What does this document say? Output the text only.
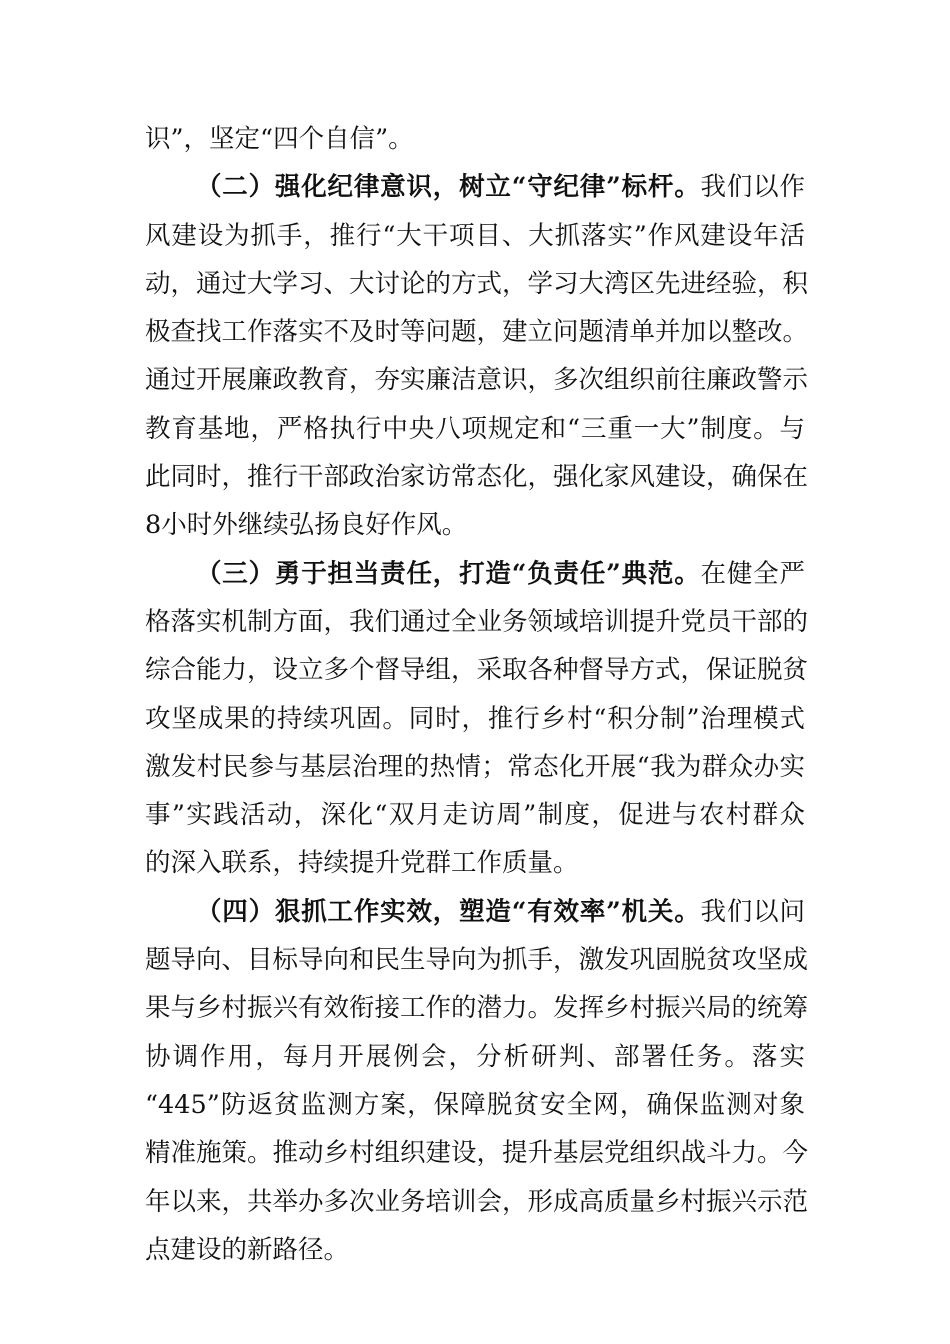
识”，坚定“四个自信”。
（二）强化纪律意识，树立“守纪律”标杆。我们以作
风建设为抓手，推行“大干项目、大抓落实”作风建设年活
动，通过大学习、大讨论的方式，学习大湾区先进经验，积
极查找工作落实不及时等问题，建立问题清单并加以整改。
通过开展廉政教育，夯实廉洁意识，多次组织前往廉政警示
教育基地，严格执行中央八项规定和“三重一大”制度。与
此同时，推行干部政治家访常态化，强化家风建设，确保在
8小时外继续弘扬良好作风。
（三）勇于担当责任，打造“负责任”典范。在健全严
格落实机制方面，我们通过全业务领域培训提升党员干部的
综合能力，设立多个督导组，采取各种督导方式，保证脱贫
攻坚成果的持续巩固。同时，推行乡村“积分制”治理模式
激发村民参与基层治理的热情；常态化开展“我为群众办实
事”实践活动，深化“双月走访周”制度，促进与农村群众
的深入联系，持续提升党群工作质量。
（四）狠抓工作实效，塑造“有效率”机关。我们以问
题导向、目标导向和民生导向为抓手，激发巩固脱贫攻坚成
果与乡村振兴有效衔接工作的潜力。发挥乡村振兴局的统筹
协调作用，每月开展例会，分析研判、部署任务。落实
“445”防返贫监测方案，保障脱贫安全网，确保监测对象
精准施策。推动乡村组织建设，提升基层党组织战斗力。今
年以来，共举办多次业务培训会，形成高质量乡村振兴示范
点建设的新路径。
